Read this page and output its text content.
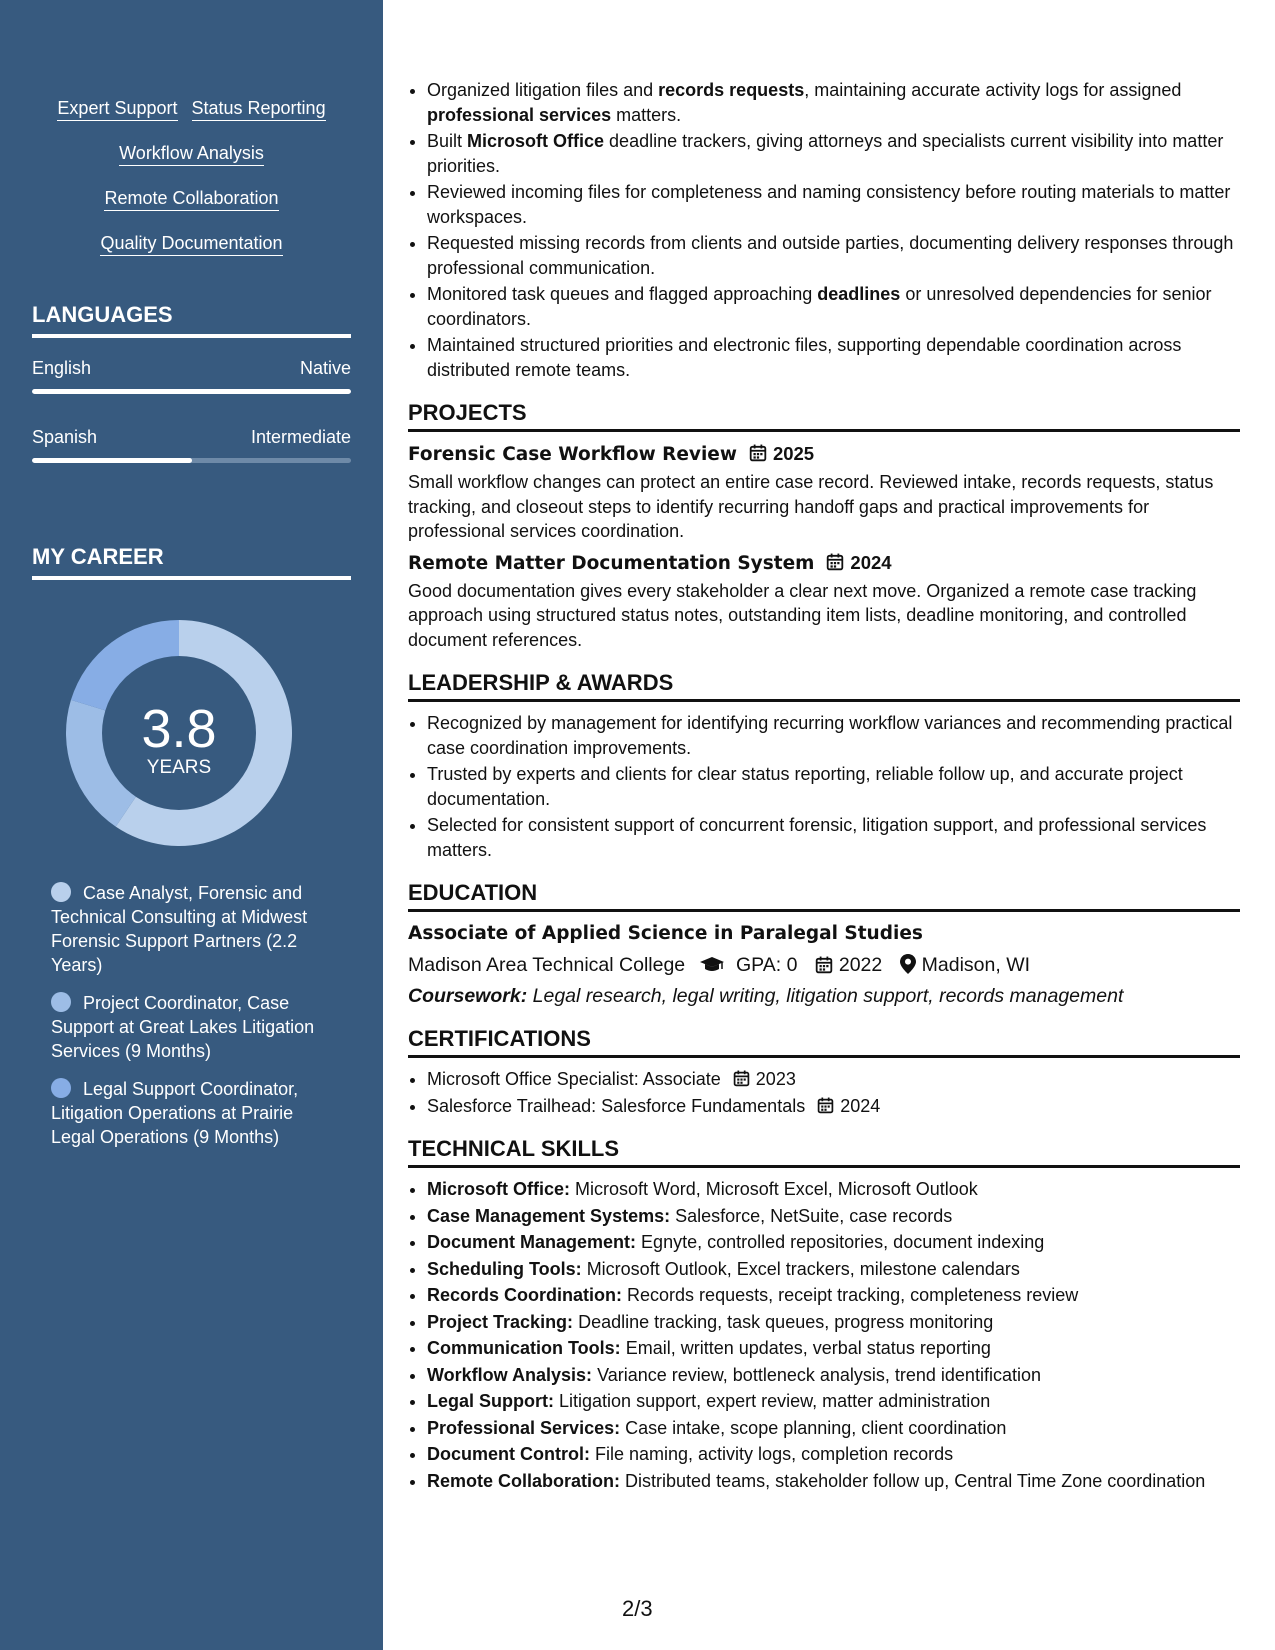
Expert Support Status Reporting
Workflow Analysis
Remote Collaboration
Quality Documentation
LANGUAGES
English	Native
Spanish	Intermediate
MY CAREER
3.8
YEARS
Case Analyst, Forensic and Technical Consulting at Midwest Forensic Support Partners (2.2 Years)
Project Coordinator, Case Support at Great Lakes Litigation Services (9 Months)
Legal Support Coordinator, Litigation Operations at Prairie Legal Operations (9 Months)
• Organized litigation files and records requests, maintaining accurate activity logs for assigned professional services matters.
• Built Microsoft Office deadline trackers, giving attorneys and specialists current visibility into matter priorities.
• Reviewed incoming files for completeness and naming consistency before routing materials to matter workspaces.
• Requested missing records from clients and outside parties, documenting delivery responses through professional communication.
• Monitored task queues and flagged approaching deadlines or unresolved dependencies for senior coordinators.
• Maintained structured priorities and electronic files, supporting dependable coordination across distributed remote teams.
PROJECTS
Forensic Case Workflow Review 2025
Small workflow changes can protect an entire case record. Reviewed intake, records requests, status tracking, and closeout steps to identify recurring handoff gaps and practical improvements for professional services coordination.
Remote Matter Documentation System 2024
Good documentation gives every stakeholder a clear next move. Organized a remote case tracking approach using structured status notes, outstanding item lists, deadline monitoring, and controlled document references.
LEADERSHIP & AWARDS
• Recognized by management for identifying recurring workflow variances and recommending practical case coordination improvements.
• Trusted by experts and clients for clear status reporting, reliable follow up, and accurate project documentation.
• Selected for consistent support of concurrent forensic, litigation support, and professional services matters.
EDUCATION
Associate of Applied Science in Paralegal Studies
Madison Area Technical College	GPA: 0 2022 Madison, WI
Coursework: Legal research, legal writing, litigation support, records management
CERTIFICATIONS
• Microsoft Office Specialist: Associate 2023
• Salesforce Trailhead: Salesforce Fundamentals 2024
TECHNICAL SKILLS
• Microsoft Office: Microsoft Word, Microsoft Excel, Microsoft Outlook
• Case Management Systems: Salesforce, NetSuite, case records
• Document Management: Egnyte, controlled repositories, document indexing
• Scheduling Tools: Microsoft Outlook, Excel trackers, milestone calendars
• Records Coordination: Records requests, receipt tracking, completeness review
• Project Tracking: Deadline tracking, task queues, progress monitoring
• Communication Tools: Email, written updates, verbal status reporting
• Workflow Analysis: Variance review, bottleneck analysis, trend identification
• Legal Support: Litigation support, expert review, matter administration
• Professional Services: Case intake, scope planning, client coordination
• Document Control: File naming, activity logs, completion records
• Remote Collaboration: Distributed teams, stakeholder follow up, Central Time Zone coordination
2/3
